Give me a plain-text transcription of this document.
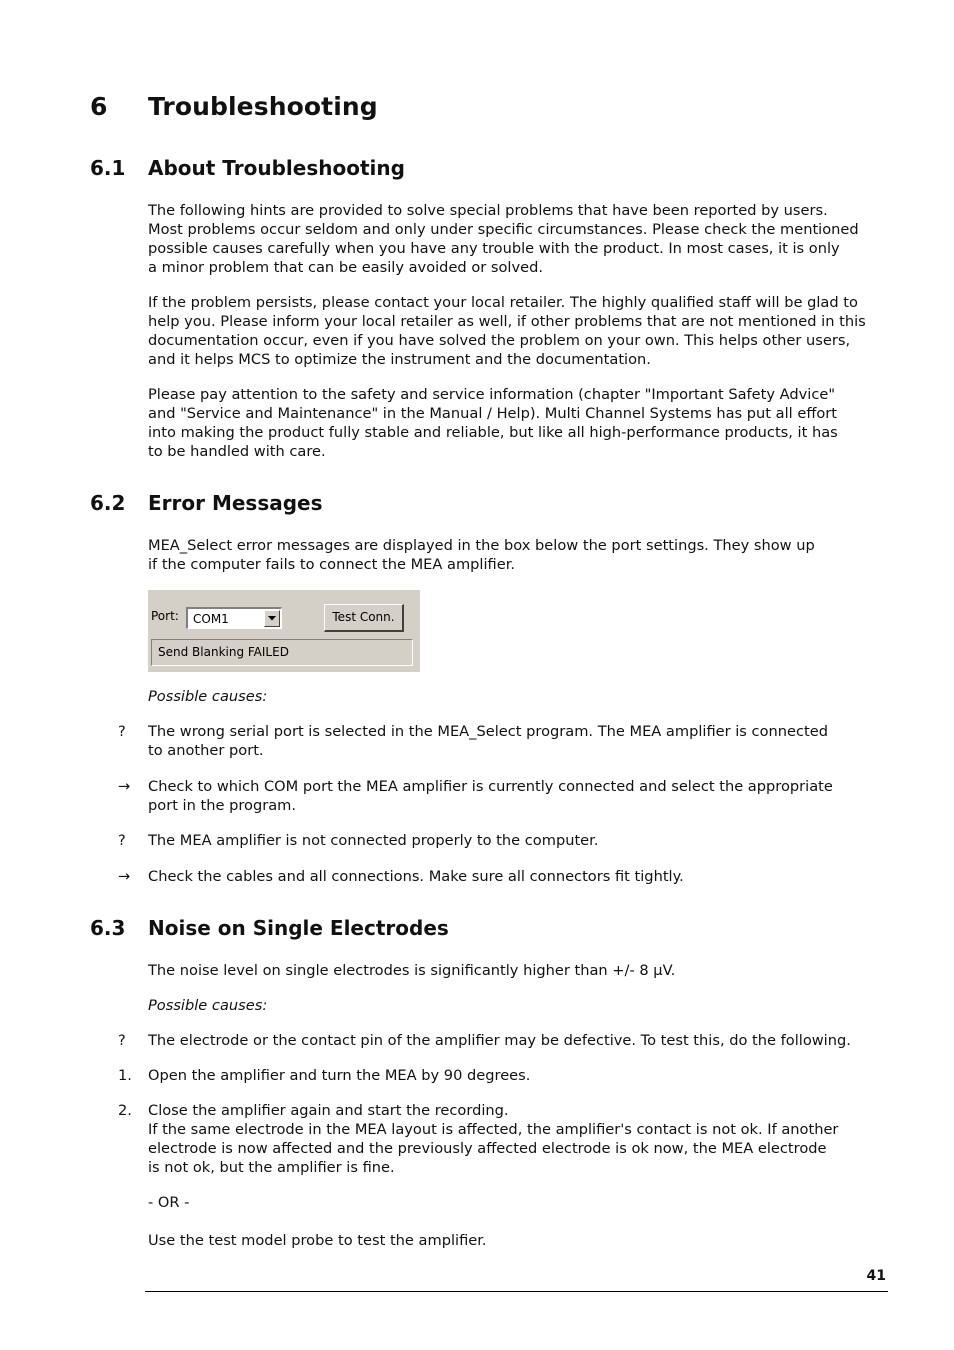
6 Troubleshooting
6.1 About Troubleshooting

The following hints are provided to solve special problems that have been reported by users.
Most problems occur seldom and only under specific circumstances. Please check the mentioned
possible causes carefully when you have any trouble with the product. In most cases, it is only
a minor problem that can be easily avoided or solved.

If the problem persists, please contact your local retailer. The highly qualified staff will be glad to
help you. Please inform your local retailer as well, if other problems that are not mentioned in this
documentation occur, even if you have solved the problem on your own. This helps other users,
and it helps MCS to optimize the instrument and the documentation.

Please pay attention to the safety and service information (chapter "Important Safety Advice"
and "Service and Maintenance" in the Manual / Help). Multi Channel Systems has put all effort
into making the product fully stable and reliable, but like all high-performance products, it has
to be handled with care.

6.2 Error Messages

MEA_Select error messages are displayed in the box below the port settings. They show up
if the computer fails to connect the MEA amplifier.

Port: COM1	Test Conn.
Send Blanking FAILED

Possible causes:

?	The wrong serial port is selected in the MEA_Select program. The MEA amplifier is connected
to another port.
→	Check to which COM port the MEA amplifier is currently connected and select the appropriate
port in the program.
?	The MEA amplifier is not connected properly to the computer.
→	Check the cables and all connections. Make sure all connectors fit tightly.
6.3 Noise on Single Electrodes

The noise level on single electrodes is significantly higher than +/- 8 µV.

Possible causes:

?	The electrode or the contact pin of the amplifier may be defective. To test this, do the following.
1.	Open the amplifier and turn the MEA by 90 degrees.
2.	Close the amplifier again and start the recording.
If the same electrode in the MEA layout is affected, the amplifier's contact is not ok. If another
electrode is now affected and the previously affected electrode is ok now, the MEA electrode
is not ok, but the amplifier is fine.

- OR -

Use the test model probe to test the amplifier.

41
